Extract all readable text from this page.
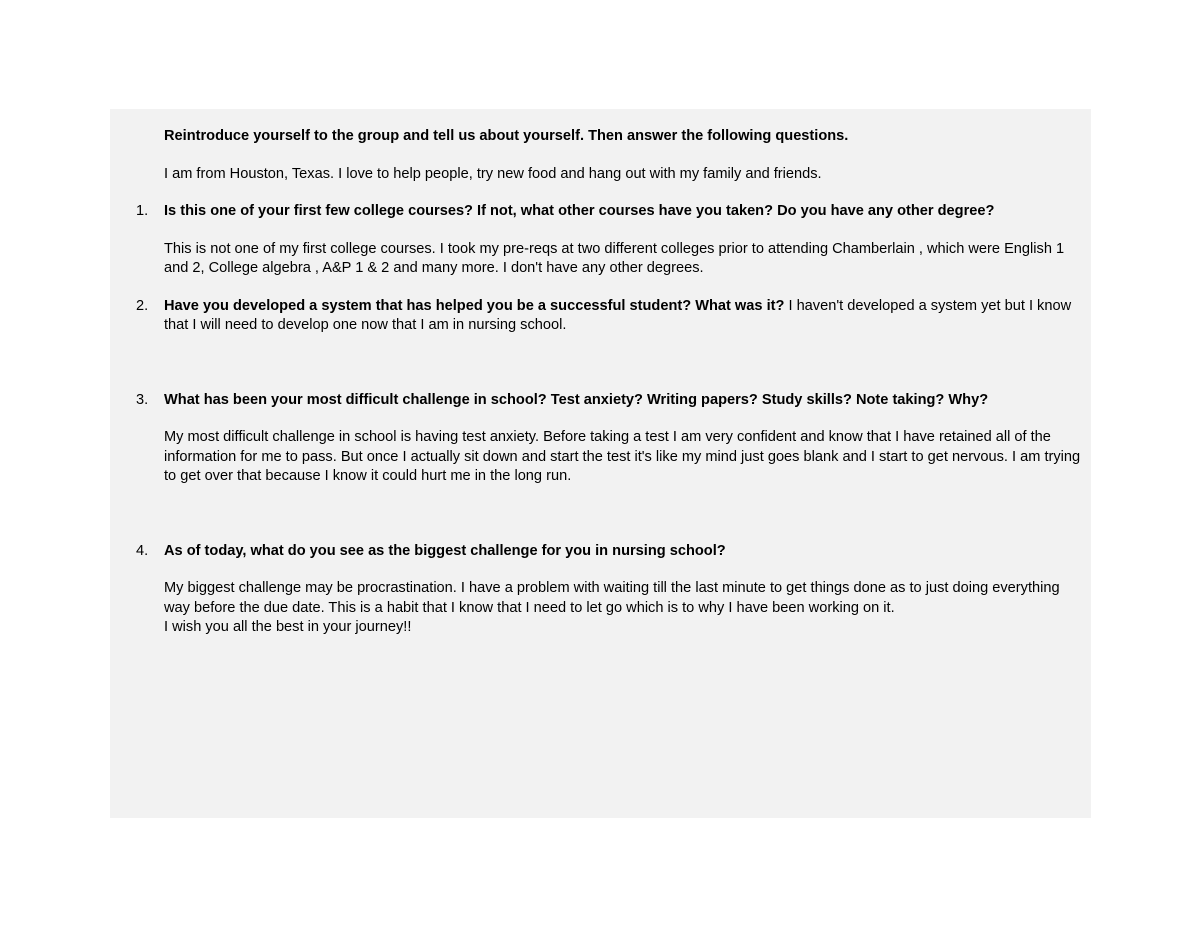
Reintroduce yourself to the group and tell us about yourself. Then answer the following questions.

I am from Houston, Texas. I love to help people, try new food and hang out with my family and friends.

1. Is this one of your first few college courses? If not, what other courses have you taken? Do you have any other degree?

This is not one of my first college courses. I took my pre-reqs at two different colleges prior to attending Chamberlain , which were English 1 and 2, College algebra , A&P 1 & 2 and many more. I don't have any other degrees.

2. Have you developed a system that has helped you be a successful student? What was it? I haven't developed a system yet but I know that I will need to develop one now that I am in nursing school.
3. What has been your most difficult challenge in school? Test anxiety? Writing papers? Study skills? Note taking? Why?

My most difficult challenge in school is having test anxiety. Before taking a test I am very confident and know that I have retained all of the information for me to pass. But once I actually sit down and start the test it's like my mind just goes blank and I start to get nervous. I am trying to get over that because I know it could hurt me in the long run.

4. As of today, what do you see as the biggest challenge for you in nursing school?

My biggest challenge may be procrastination. I have a problem with waiting till the last minute to get things done as to just doing everything way before the due date. This is a habit that I know that I need to let go which is to why I have been working on it.
I wish you all the best in your journey!!
